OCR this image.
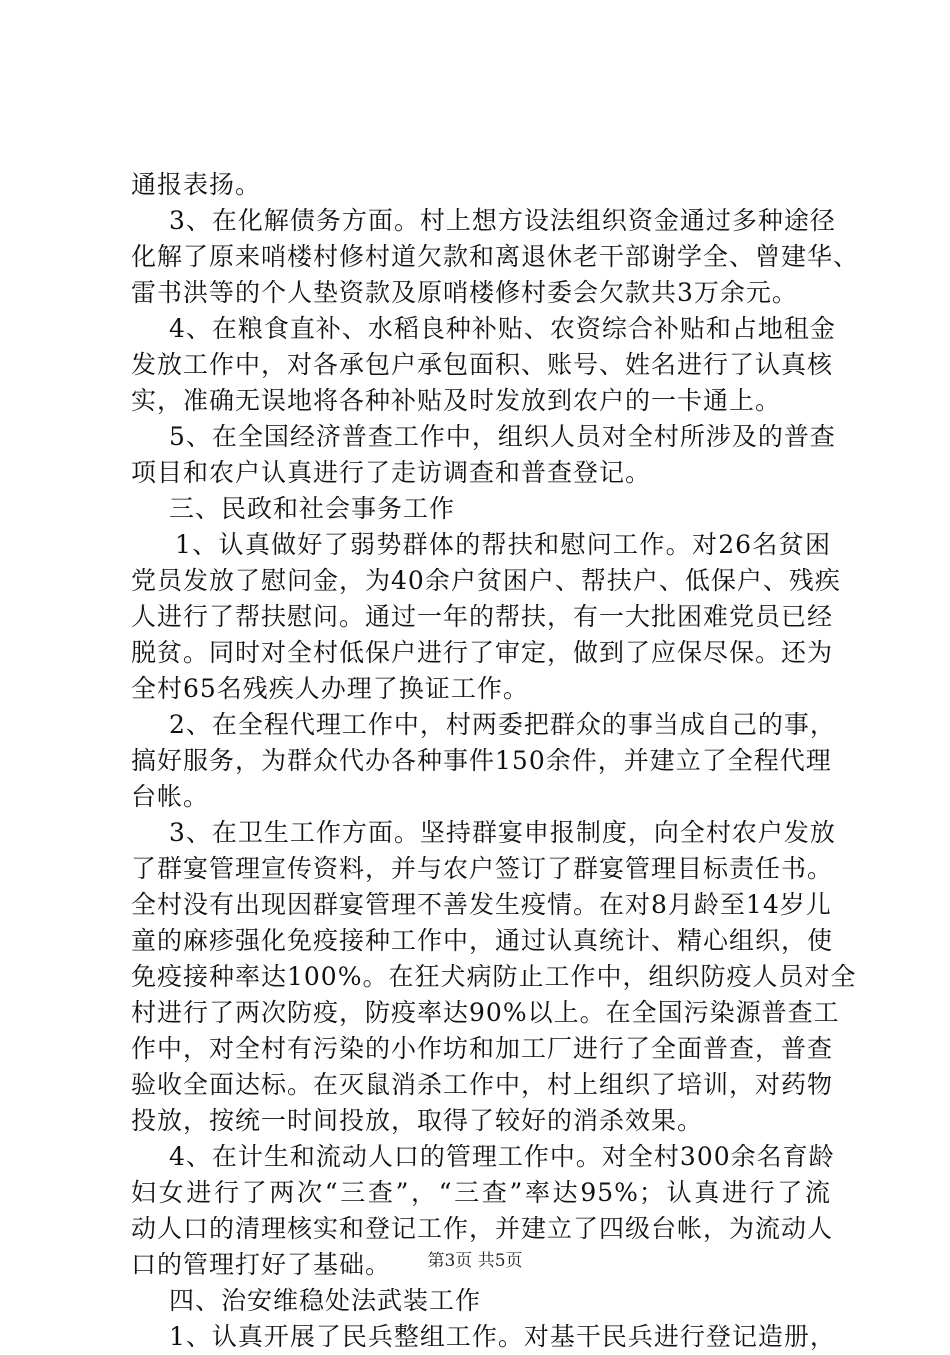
通报表扬。
3、在化解债务方面。村上想方设法组织资金通过多种途径
化解了原来哨楼村修村道欠款和离退休老干部谢学全、曾建华、
雷书洪等的个人垫资款及原哨楼修村委会欠款共3万余元。
4、在粮食直补、水稻良种补贴、农资综合补贴和占地租金
发放工作中，对各承包户承包面积、账号、姓名进行了认真核
实，准确无误地将各种补贴及时发放到农户的一卡通上。
5、在全国经济普查工作中，组织人员对全村所涉及的普查
项目和农户认真进行了走访调查和普查登记。
三、民政和社会事务工作
1、认真做好了弱势群体的帮扶和慰问工作。对26名贫困
党员发放了慰问金，为40余户贫困户、帮扶户、低保户、残疾
人进行了帮扶慰问。通过一年的帮扶，有一大批困难党员已经
脱贫。同时对全村低保户进行了审定，做到了应保尽保。还为
全村65名残疾人办理了换证工作。
2、在全程代理工作中，村两委把群众的事当成自己的事，
搞好服务，为群众代办各种事件150余件，并建立了全程代理
台帐。
3、在卫生工作方面。坚持群宴申报制度，向全村农户发放
了群宴管理宣传资料，并与农户签订了群宴管理目标责任书。
全村没有出现因群宴管理不善发生疫情。在对8月龄至14岁儿
童的麻疹强化免疫接种工作中，通过认真统计、精心组织，使
免疫接种率达100%。在狂犬病防止工作中，组织防疫人员对全
村进行了两次防疫，防疫率达90%以上。在全国污染源普查工
作中，对全村有污染的小作坊和加工厂进行了全面普查，普查
验收全面达标。在灭鼠消杀工作中，村上组织了培训，对药物
投放，按统一时间投放，取得了较好的消杀效果。
4、在计生和流动人口的管理工作中。对全村300余名育龄
妇女进行了两次“三查”，“三查”率达95%；认真进行了流
动人口的清理核实和登记工作，并建立了四级台帐，为流动人
口的管理打好了基础。
四、治安维稳处法武装工作
1、认真开展了民兵整组工作。对基干民兵进行登记造册，
第3页 共5页
